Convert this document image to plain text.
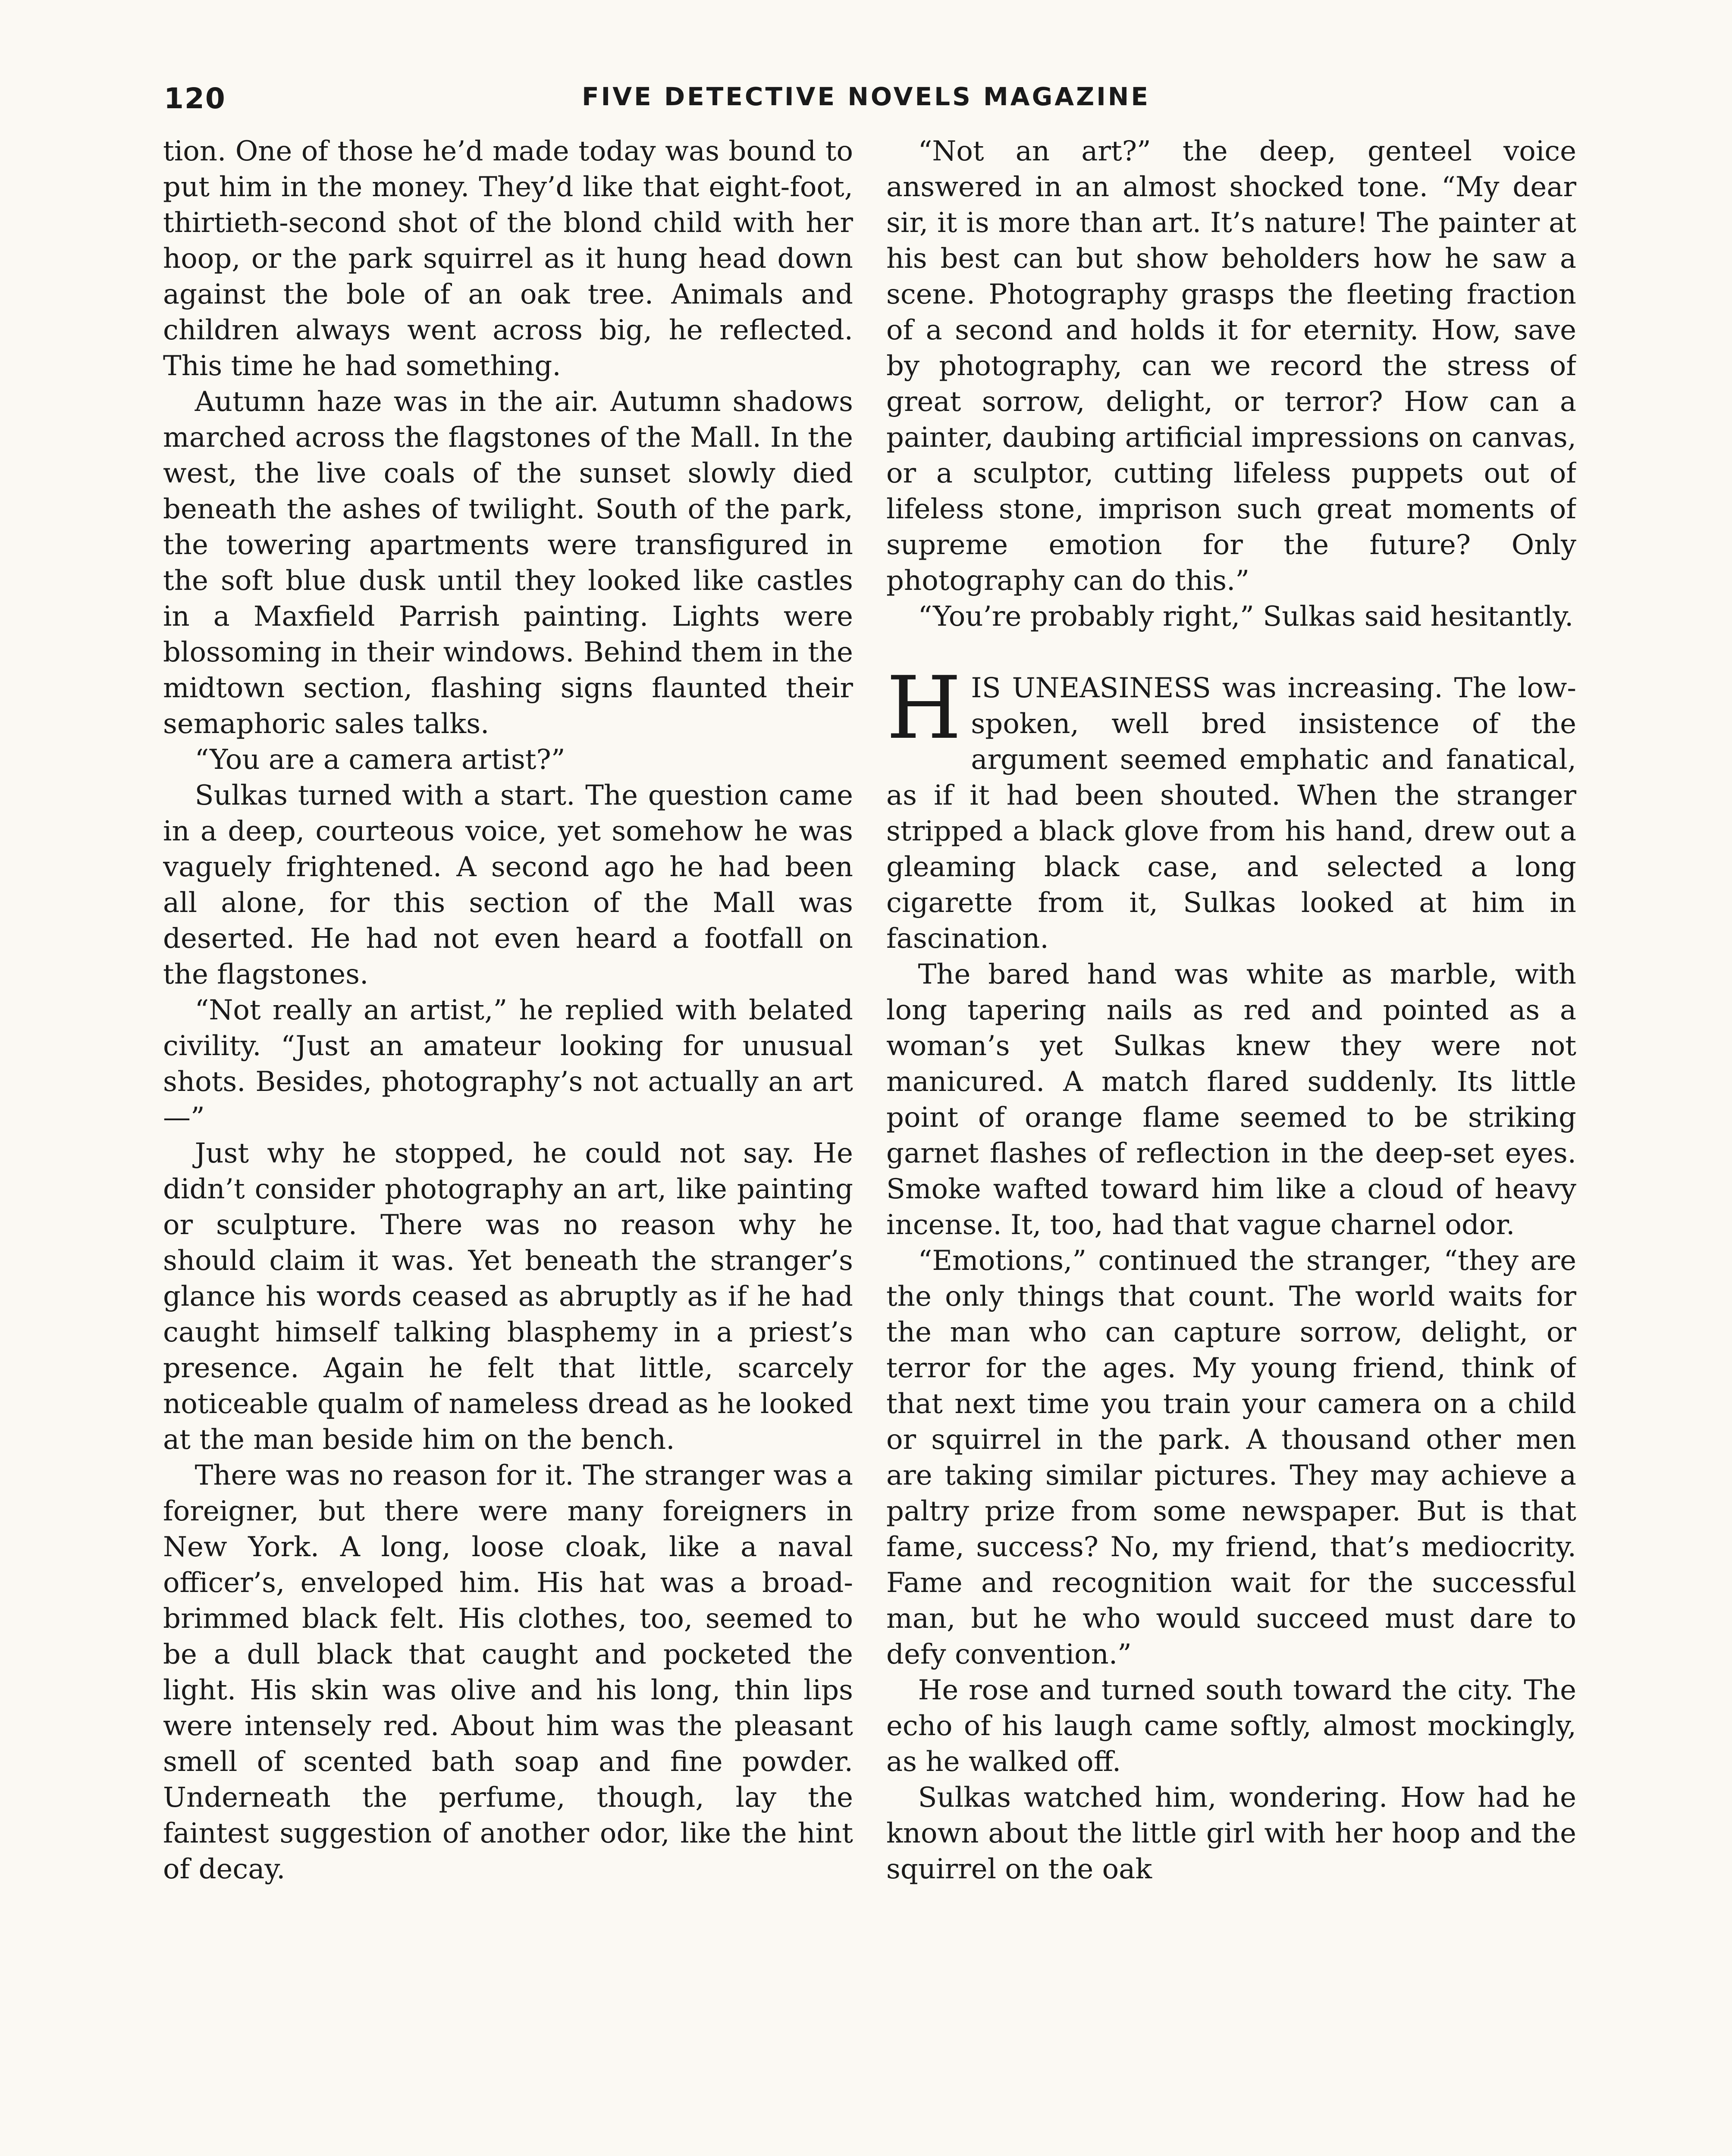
120	FIVE DETECTIVE NOVELS MAGAZINE

tion. One of those he’d made today was bound to put him in the money. They’d like that eight-foot, thirtieth-second shot of the blond child with her hoop, or the park squirrel as it hung head down against the bole of an oak tree. Animals and children always went across big, he reflected. This time he had something.

Autumn haze was in the air. Autumn shadows marched across the flagstones of the Mall. In the west, the live coals of the sunset slowly died beneath the ashes of twilight. South of the park, the towering apartments were transfigured in the soft blue dusk until they looked like castles in a Maxfield Parrish painting. Lights were blossoming in their windows. Behind them in the midtown section, flashing signs flaunted their semaphoric sales talks.

“You are a camera artist?”

Sulkas turned with a start. The question came in a deep, courteous voice, yet somehow he was vaguely frightened. A second ago he had been all alone, for this section of the Mall was deserted. He had not even heard a footfall on the flagstones.

“Not really an artist,” he replied with belated civility. “Just an amateur looking for unusual shots. Besides, photography’s not actually an art—”

Just why he stopped, he could not say. He didn’t consider photography an art, like painting or sculpture. There was no reason why he should claim it was. Yet beneath the stranger’s glance his words ceased as abruptly as if he had caught himself talking blasphemy in a priest’s presence. Again he felt that little, scarcely noticeable qualm of nameless dread as he looked at the man beside him on the bench.

There was no reason for it. The stranger was a foreigner, but there were many foreigners in New York. A long, loose cloak, like a naval officer’s, enveloped him. His hat was a broad-brimmed black felt. His clothes, too, seemed to be a dull black that caught and pocketed the light. His skin was olive and his long, thin lips were intensely red. About him was the pleasant smell of scented bath soap and fine powder. Underneath the perfume, though, lay the faintest suggestion of another odor, like the hint of decay.

“Not an art?” the deep, genteel voice answered in an almost shocked tone. “My dear sir, it is more than art. It’s nature! The painter at his best can but show beholders how he saw a scene. Photography grasps the fleeting fraction of a second and holds it for eternity. How, save by photography, can we record the stress of great sorrow, delight, or terror? How can a painter, daubing artificial impressions on canvas, or a sculptor, cutting lifeless puppets out of lifeless stone, imprison such great moments of supreme emotion for the future? Only photography can do this.”

“You’re probably right,” Sulkas said hesitantly.

HIS UNEASINESS was increasing. The low-spoken, well bred insistence of the argument seemed emphatic and fanatical, as if it had been shouted. When the stranger stripped a black glove from his hand, drew out a gleaming black case, and selected a long cigarette from it, Sulkas looked at him in fascination.

The bared hand was white as marble, with long tapering nails as red and pointed as a woman’s yet Sulkas knew they were not manicured. A match flared suddenly. Its little point of orange flame seemed to be striking garnet flashes of reflection in the deep-set eyes. Smoke wafted toward him like a cloud of heavy incense. It, too, had that vague charnel odor.

“Emotions,” continued the stranger, “they are the only things that count. The world waits for the man who can capture sorrow, delight, or terror for the ages. My young friend, think of that next time you train your camera on a child or squirrel in the park. A thousand other men are taking similar pictures. They may achieve a paltry prize from some newspaper. But is that fame, success? No, my friend, that’s mediocrity. Fame and recognition wait for the successful man, but he who would succeed must dare to defy convention.”

He rose and turned south toward the city. The echo of his laugh came softly, almost mockingly, as he walked off.

Sulkas watched him, wondering. How had he known about the little girl with her hoop and the squirrel on the oak
